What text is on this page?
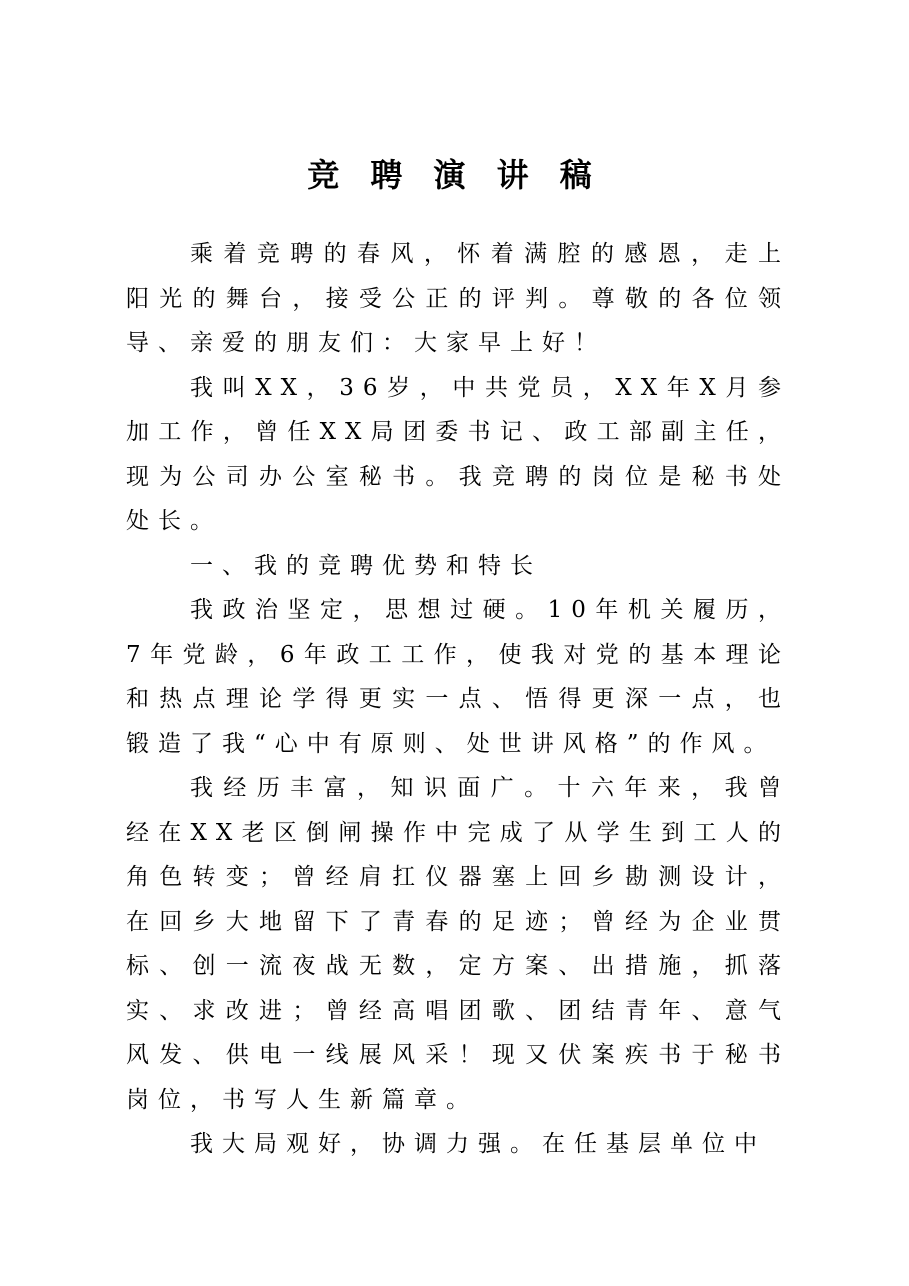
竞 聘 演 讲 稿

乘着竞聘的春风，怀着满腔的感恩，走上阳光的舞台，接受公正的评判。尊敬的各位领导、亲爱的朋友们：大家早上好！

我叫XX，36岁，中共党员，XX年X月参加工作，曾任XX局团委书记、政工部副主任，现为公司办公室秘书。我竞聘的岗位是秘书处处长。

一、我的竞聘优势和特长

我政治坚定，思想过硬。10年机关履历，7年党龄，6年政工工作，使我对党的基本理论和热点理论学得更实一点、悟得更深一点，也锻造了我“心中有原则、处世讲风格”的作风。

我经历丰富，知识面广。十六年来，我曾经在XX老区倒闸操作中完成了从学生到工人的角色转变；曾经肩扛仪器塞上回乡勘测设计，在回乡大地留下了青春的足迹；曾经为企业贯标、创一流夜战无数，定方案、出措施，抓落实、求改进；曾经高唱团歌、团结青年、意气风发、供电一线展风采！现又伏案疾书于秘书岗位，书写人生新篇章。

我大局观好，协调力强。在任基层单位中
